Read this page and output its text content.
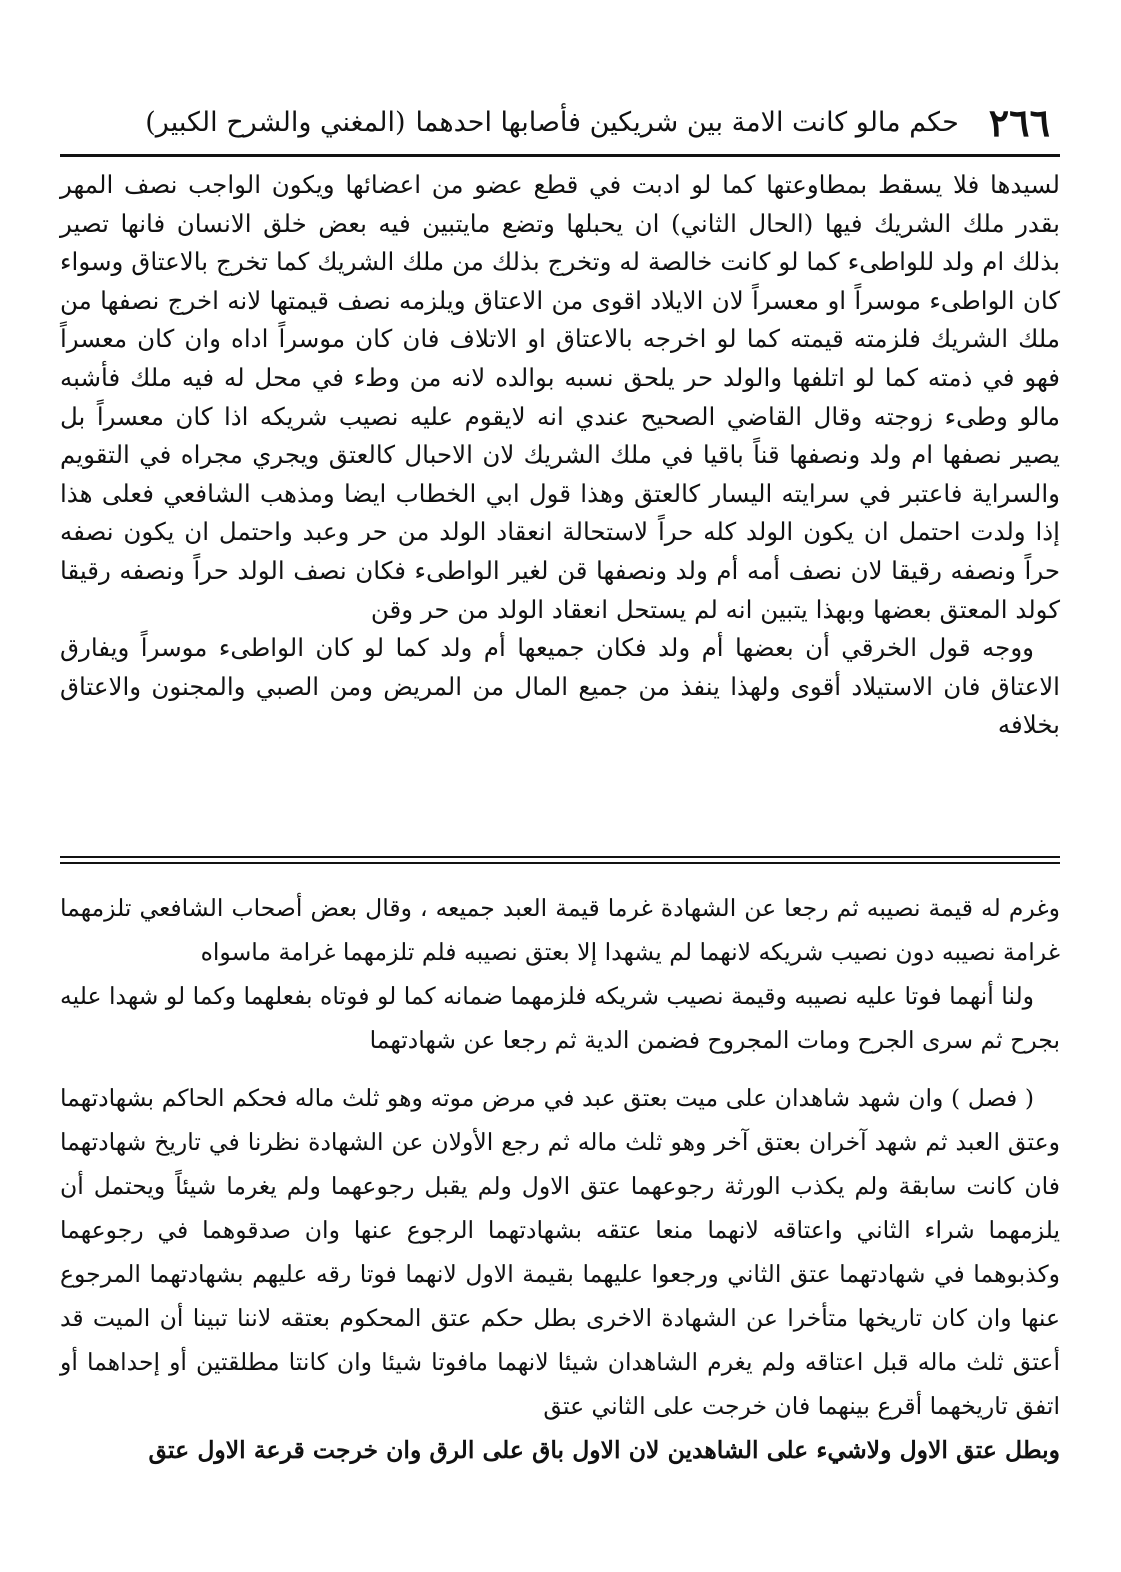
٢٦٦
حكم مالو كانت الامة بين شريكين فأصابها احدهما
(المغني والشرح الكبير)

لسيدها فلا يسقط بمطاوعتها كما لو ادبت في قطع عضو من اعضائها ويكون الواجب نصف المهر بقدر ملك الشريك فيها (الحال الثاني) ان يحبلها وتضع مايتبين فيه بعض خلق الانسان فانها تصير بذلك ام ولد للواطىء كما لو كانت خالصة له وتخرج بذلك من ملك الشريك كما تخرج بالاعتاق وسواء كان الواطىء موسراً او معسراً لان الايلاد اقوى من الاعتاق ويلزمه نصف قيمتها لانه اخرج نصفها من ملك الشريك فلزمته قيمته كما لو اخرجه بالاعتاق او الاتلاف فان كان موسراً اداه وان كان معسراً فهو في ذمته كما لو اتلفها والولد حر يلحق نسبه بوالده لانه من وطء في محل له فيه ملك فأشبه مالو وطىء زوجته وقال القاضي الصحيح عندي انه لايقوم عليه نصيب شريكه اذا كان معسراً بل يصير نصفها ام ولد ونصفها قناً باقيا في ملك الشريك لان الاحبال كالعتق ويجري مجراه في التقويم والسراية فاعتبر في سرايته اليسار كالعتق وهذا قول ابي الخطاب ايضا ومذهب الشافعي فعلى هذا إذا ولدت احتمل ان يكون الولد كله حراً لاستحالة انعقاد الولد من حر وعبد واحتمل ان يكون نصفه حراً ونصفه رقيقا لان نصف أمه أم ولد ونصفها قن لغير الواطىء فكان نصف الولد حراً ونصفه رقيقا كولد المعتق بعضها وبهذا يتبين انه لم يستحل انعقاد الولد من حر وقن

ووجه قول الخرقي أن بعضها أم ولد فكان جميعها أم ولد كما لو كان الواطىء موسراً ويفارق الاعتاق فان الاستيلاد أقوى ولهذا ينفذ من جميع المال من المريض ومن الصبي والمجنون والاعتاق بخلافه

وغرم له قيمة نصيبه ثم رجعا عن الشهادة غرما قيمة العبد جميعه ، وقال بعض أصحاب الشافعي تلزمهما غرامة نصيبه دون نصيب شريكه لانهما لم يشهدا إلا بعتق نصيبه فلم تلزمهما غرامة ماسواه

ولنا أنهما فوتا عليه نصيبه وقيمة نصيب شريكه فلزمهما ضمانه كما لو فوتاه بفعلهما وكما لو شهدا عليه بجرح ثم سرى الجرح ومات المجروح فضمن الدية ثم رجعا عن شهادتهما

( فصل ) وان شهد شاهدان على ميت بعتق عبد في مرض موته وهو ثلث ماله فحكم الحاكم بشهادتهما وعتق العبد ثم شهد آخران بعتق آخر وهو ثلث ماله ثم رجع الأولان عن الشهادة نظرنا في تاريخ شهادتهما فان كانت سابقة ولم يكذب الورثة رجوعهما عتق الاول ولم يقبل رجوعهما ولم يغرما شيئاً ويحتمل أن يلزمهما شراء الثاني واعتاقه لانهما منعا عتقه بشهادتهما الرجوع عنها وان صدقوهما في رجوعهما وكذبوهما في شهادتهما عتق الثاني ورجعوا عليهما بقيمة الاول لانهما فوتا رقه عليهم بشهادتهما المرجوع عنها وان كان تاريخها متأخرا عن الشهادة الاخرى بطل حكم عتق المحكوم بعتقه لاننا تبينا أن الميت قد أعتق ثلث ماله قبل اعتاقه ولم يغرم الشاهدان شيئا لانهما مافوتا شيئا وان كانتا مطلقتين أو إحداهما أو اتفق تاريخهما أقرع بينهما فان خرجت على الثاني عتق

وبطل عتق الاول ولاشيء على الشاهدين لان الاول باق على الرق وان خرجت قرعة الاول عتق
